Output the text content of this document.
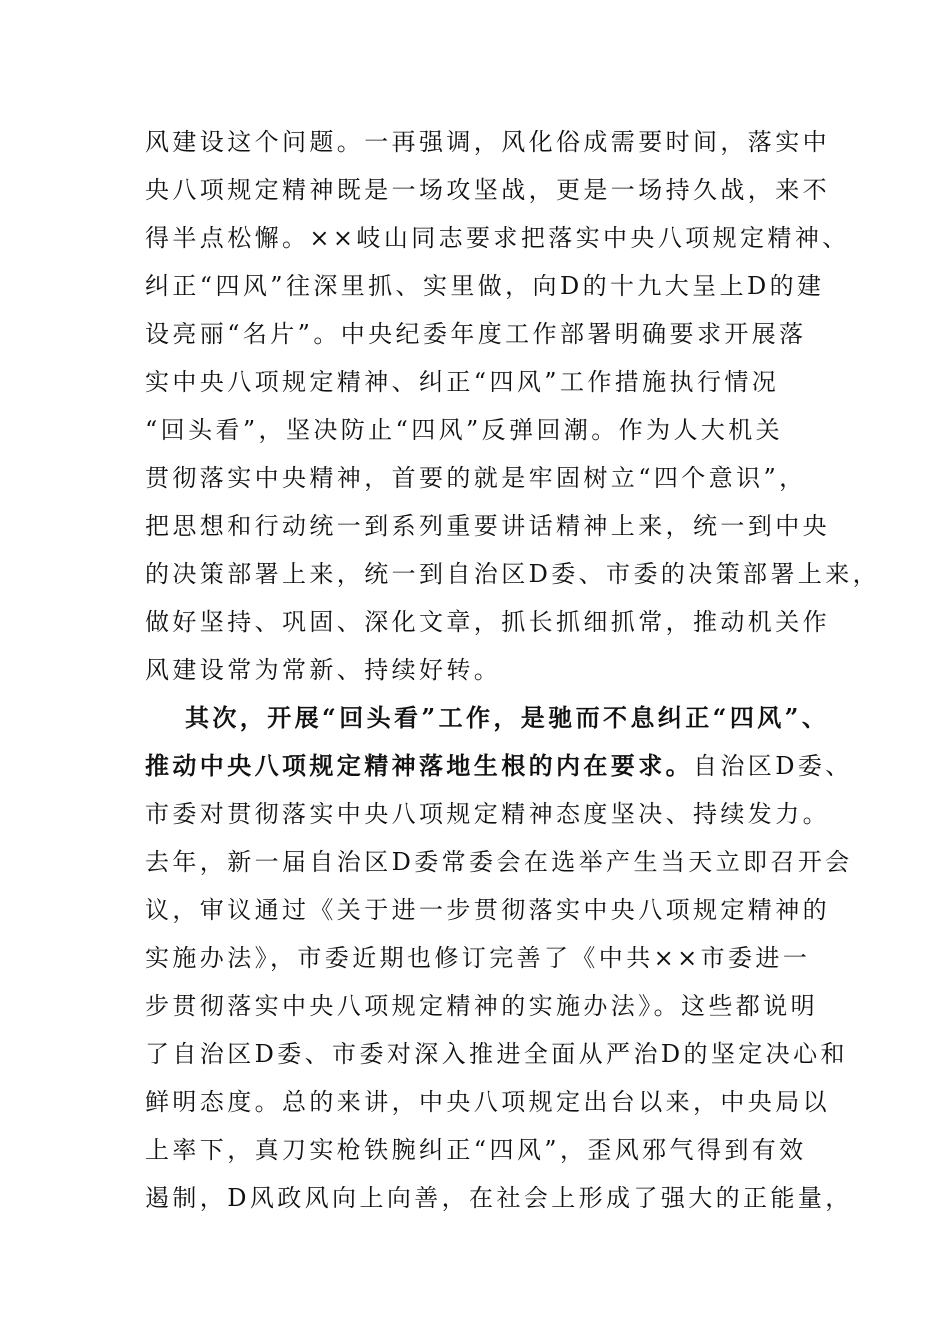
风建设这个问题。一再强调，风化俗成需要时间，落实中
央八项规定精神既是一场攻坚战，更是一场持久战，来不
得半点松懈。××岐山同志要求把落实中央八项规定精神、
纠正“四风”往深里抓、实里做，向D的十九大呈上D的建
设亮丽“名片”。中央纪委年度工作部署明确要求开展落
实中央八项规定精神、纠正“四风”工作措施执行情况
“回头看”，坚决防止“四风”反弹回潮。作为人大机关
贯彻落实中央精神，首要的就是牢固树立“四个意识”，
把思想和行动统一到系列重要讲话精神上来，统一到中央
的决策部署上来，统一到自治区D委、市委的决策部署上来，
做好坚持、巩固、深化文章，抓长抓细抓常，推动机关作
风建设常为常新、持续好转。
其次，开展“回头看”工作，是驰而不息纠正“四风”、
推动中央八项规定精神落地生根的内在要求。自治区D委、
市委对贯彻落实中央八项规定精神态度坚决、持续发力。
去年，新一届自治区D委常委会在选举产生当天立即召开会
议，审议通过《关于进一步贯彻落实中央八项规定精神的
实施办法》，市委近期也修订完善了《中共××市委进一
步贯彻落实中央八项规定精神的实施办法》。这些都说明
了自治区D委、市委对深入推进全面从严治D的坚定决心和
鲜明态度。总的来讲，中央八项规定出台以来，中央局以
上率下，真刀实枪铁腕纠正“四风”，歪风邪气得到有效
遏制，D风政风向上向善，在社会上形成了强大的正能量，
